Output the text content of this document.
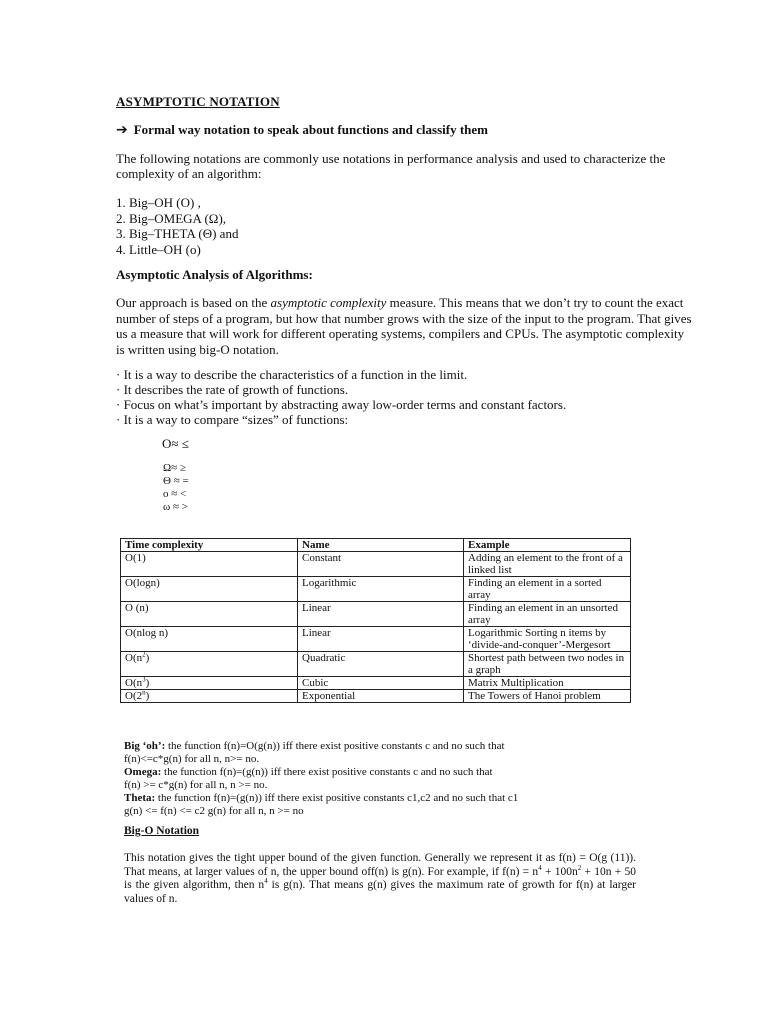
ASYMPTOTIC NOTATION
➔ Formal way notation to speak about functions and classify them
The following notations are commonly use notations in performance analysis and used to characterize the complexity of an algorithm:
1. Big–OH (O) ,
2. Big–OMEGA (Ω),
3. Big–THETA (Θ) and
4. Little–OH (o)
Asymptotic Analysis of Algorithms:
Our approach is based on the asymptotic complexity measure. This means that we don’t try to count the exact number of steps of a program, but how that number grows with the size of the input to the program. That gives us a measure that will work for different operating systems, compilers and CPUs. The asymptotic complexity is written using big-O notation.
· It is a way to describe the characteristics of a function in the limit.
· It describes the rate of growth of functions.
· Focus on what’s important by abstracting away low-order terms and constant factors.
· It is a way to compare “sizes” of functions:
O≈ ≤
Ω≈ ≥
Θ ≈ =
o ≈ <
ω ≈ >
Time complexity	Name	Example
O(1)	Constant	Adding an element to the front of a linked list
O(logn)	Logarithmic	Finding an element in a sorted array
O (n)	Linear	Finding an element in an unsorted array
O(nlog n)	Linear	Logarithmic Sorting n items by ‘divide-and-conquer’-Mergesort
$O(n^2)$	Quadratic	Shortest path between two nodes in a graph
$O(n^3)$	Cubic	Matrix Multiplication
O(2$^n$)	Exponential	The Towers of Hanoi problem
Big ‘oh’: the function f(n)=O(g(n)) iff there exist positive constants c and no such that
f(n)<=c*g(n) for all n, n>= no.
Omega: the function f(n)=(g(n)) iff there exist positive constants c and no such that
f(n) >= c*g(n) for all n, n >= no.
Theta: the function f(n)=(g(n)) iff there exist positive constants c1,c2 and no such that c1
g(n) <= f(n) <= c2 g(n) for all n, n >= no
Big-O Notation
This notation gives the tight upper bound of the given function. Generally we represent it as f(n) = O(g (11)). That means, at larger values of n, the upper bound off(n) is g(n). For example, if $f(n) = n^4 + 100n^2 + 10n + 50$ is the given algorithm, then $n^4$ is g(n). That means g(n) gives the maximum rate of growth for f(n) at larger values of n.
